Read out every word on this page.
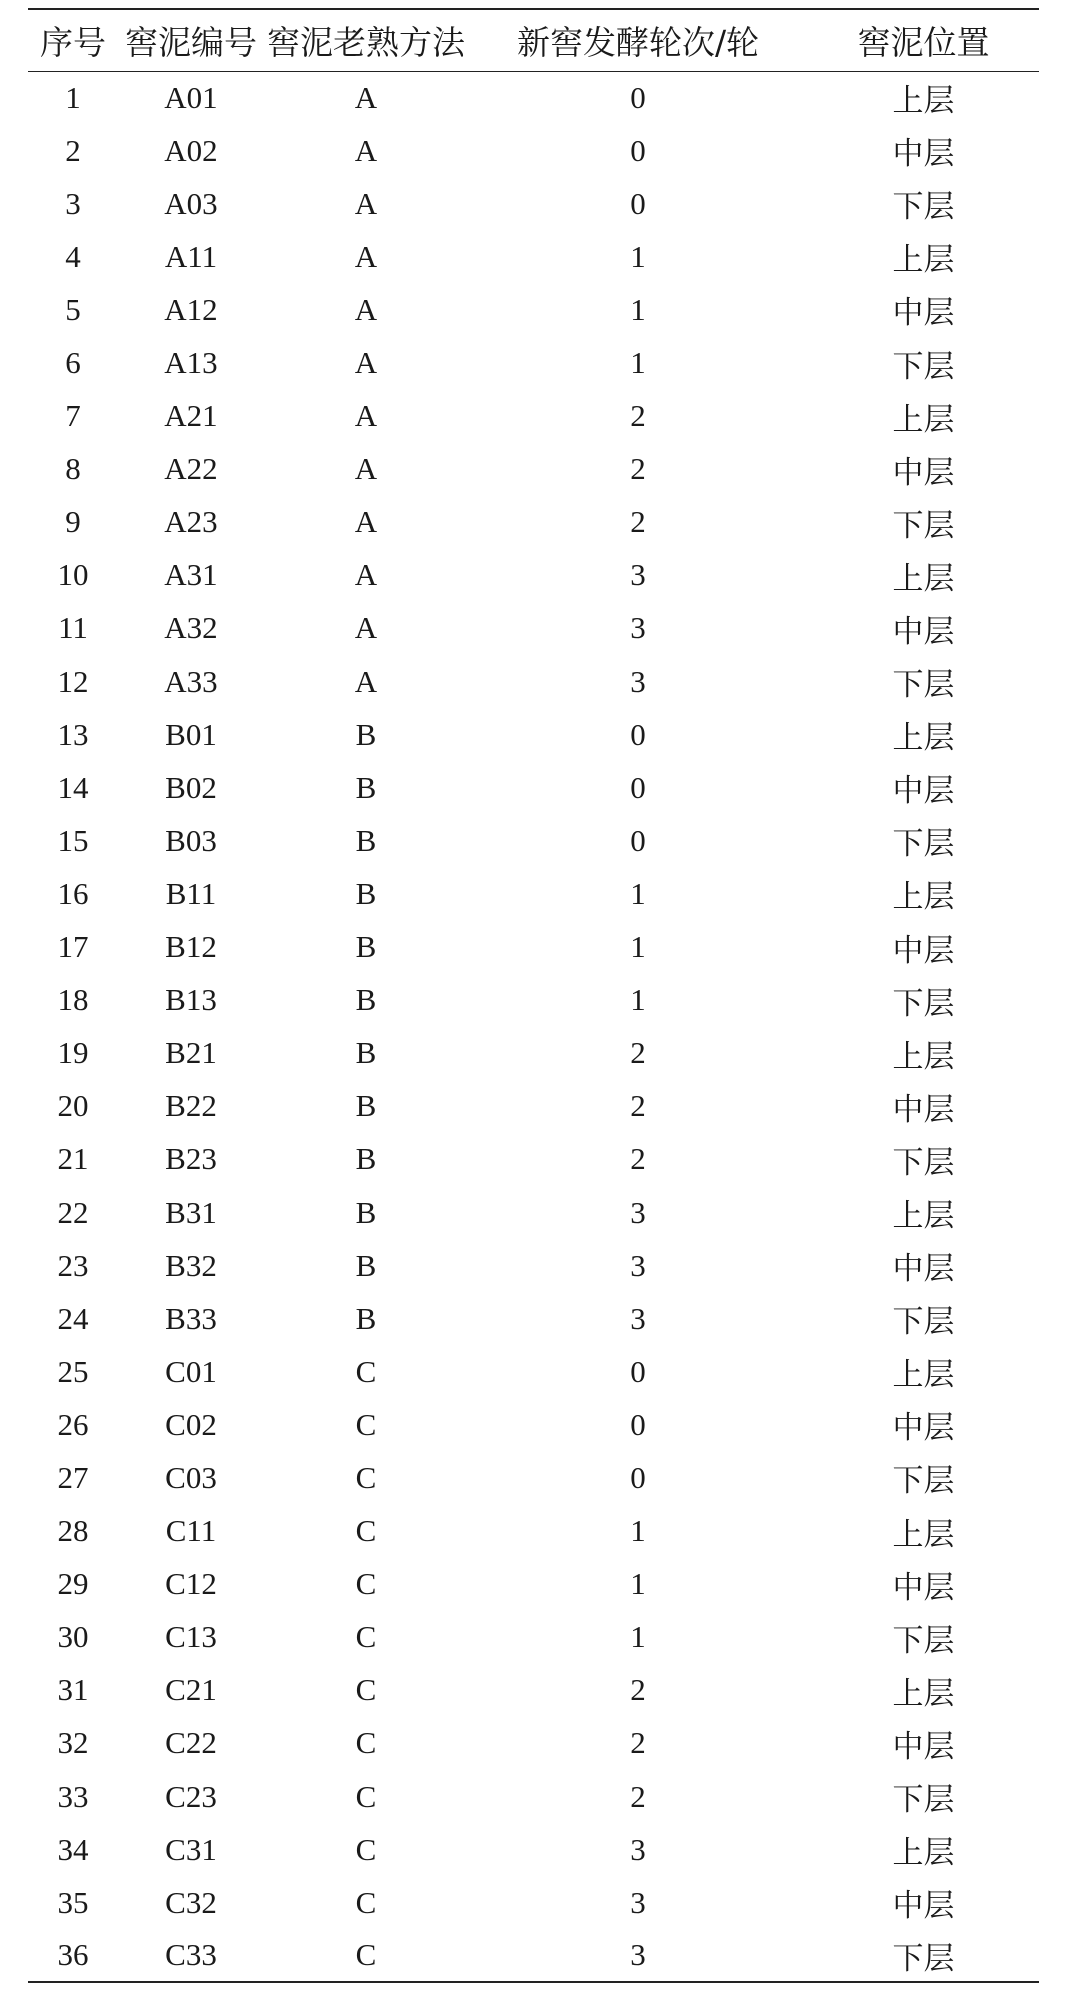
序号	窖泥编号	窖泥老熟方法	新窖发酵轮次/轮	窖泥位置
1	A01	A	0	上层
2	A02	A	0	中层
3	A03	A	0	下层
4	A11	A	1	上层
5	A12	A	1	中层
6	A13	A	1	下层
7	A21	A	2	上层
8	A22	A	2	中层
9	A23	A	2	下层
10	A31	A	3	上层
11	A32	A	3	中层
12	A33	A	3	下层
13	B01	B	0	上层
14	B02	B	0	中层
15	B03	B	0	下层
16	B11	B	1	上层
17	B12	B	1	中层
18	B13	B	1	下层
19	B21	B	2	上层
20	B22	B	2	中层
21	B23	B	2	下层
22	B31	B	3	上层
23	B32	B	3	中层
24	B33	B	3	下层
25	C01	C	0	上层
26	C02	C	0	中层
27	C03	C	0	下层
28	C11	C	1	上层
29	C12	C	1	中层
30	C13	C	1	下层
31	C21	C	2	上层
32	C22	C	2	中层
33	C23	C	2	下层
34	C31	C	3	上层
35	C32	C	3	中层
36	C33	C	3	下层
